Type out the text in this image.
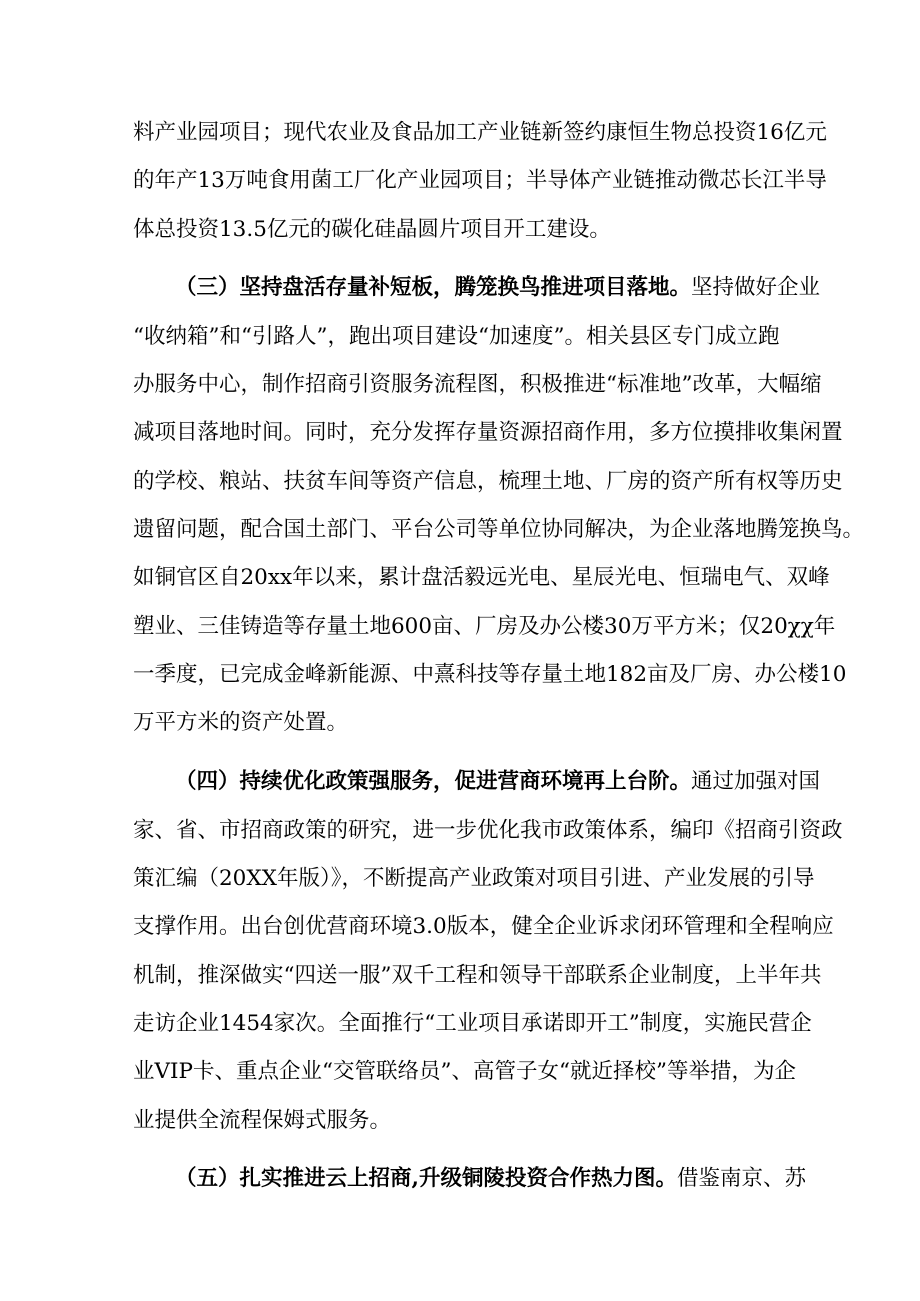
料产业园项目；现代农业及食品加工产业链新签约康恒生物总投资16亿元
的年产13万吨食用菌工厂化产业园项目；半导体产业链推动微芯长江半导
体总投资13.5亿元的碳化硅晶圆片项目开工建设。
（三）坚持盘活存量补短板，腾笼换鸟推进项目落地。坚持做好企业
“收纳箱”和“引路人”，跑出项目建设“加速度”。相关县区专门成立跑
办服务中心，制作招商引资服务流程图，积极推进“标准地”改革，大幅缩
减项目落地时间。同时，充分发挥存量资源招商作用，多方位摸排收集闲置
的学校、粮站、扶贫车间等资产信息，梳理土地、厂房的资产所有权等历史
遗留问题，配合国土部门、平台公司等单位协同解决，为企业落地腾笼换鸟。
如铜官区自20xx年以来，累计盘活毅远光电、星辰光电、恒瑞电气、双峰
塑业、三佳铸造等存量土地600亩、厂房及办公楼30万平方米；仅20χχ年
一季度，已完成金峰新能源、中熹科技等存量土地182亩及厂房、办公楼10
万平方米的资产处置。
（四）持续优化政策强服务，促进营商环境再上台阶。通过加强对国
家、省、市招商政策的研究，进一步优化我市政策体系，编印《招商引资政
策汇编（20XX年版）》，不断提高产业政策对项目引进、产业发展的引导
支撑作用。出台创优营商环境3.0版本，健全企业诉求闭环管理和全程响应
机制，推深做实“四送一服”双千工程和领导干部联系企业制度，上半年共
走访企业1454家次。全面推行“工业项目承诺即开工”制度，实施民营企
业VIP卡、重点企业“交管联络员”、高管子女“就近择校”等举措，为企
业提供全流程保姆式服务。
（五）扎实推进云上招商,升级铜陵投资合作热力图。借鉴南京、苏
